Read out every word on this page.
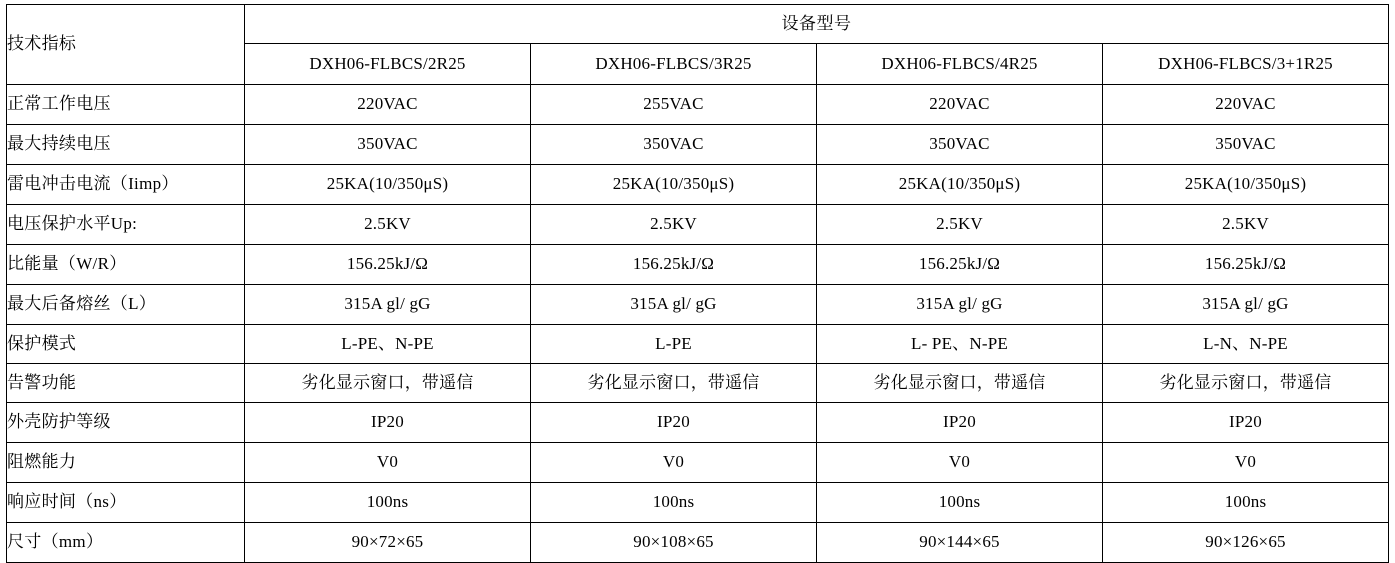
技术指标	设备型号			
	DXH06-FLBCS/2R25	DXH06-FLBCS/3R25	DXH06-FLBCS/4R25	DXH06-FLBCS/3+1R25
正常工作电压	220VAC	255VAC	220VAC	220VAC
最大持续电压	350VAC	350VAC	350VAC	350VAC
雷电冲击电流（Iimp）	25KA(10/350μS)	25KA(10/350μS)	25KA(10/350μS)	25KA(10/350μS)
电压保护水平Up:	2.5KV	2.5KV	2.5KV	2.5KV
比能量（W/R）	156.25kJ/Ω	156.25kJ/Ω	156.25kJ/Ω	156.25kJ/Ω
最大后备熔丝（L）	315A gl/ gG	315A gl/ gG	315A gl/ gG	315A gl/ gG
保护模式	L-PE、N-PE	L-PE	L- PE、N-PE	L-N、N-PE
告警功能	劣化显示窗口，带遥信	劣化显示窗口，带遥信	劣化显示窗口，带遥信	劣化显示窗口，带遥信
外壳防护等级	IP20	IP20	IP20	IP20
阻燃能力	V0	V0	V0	V0
响应时间（ns）	100ns	100ns	100ns	100ns
尺寸（mm）	90×72×65	90×108×65	90×144×65	90×126×65
